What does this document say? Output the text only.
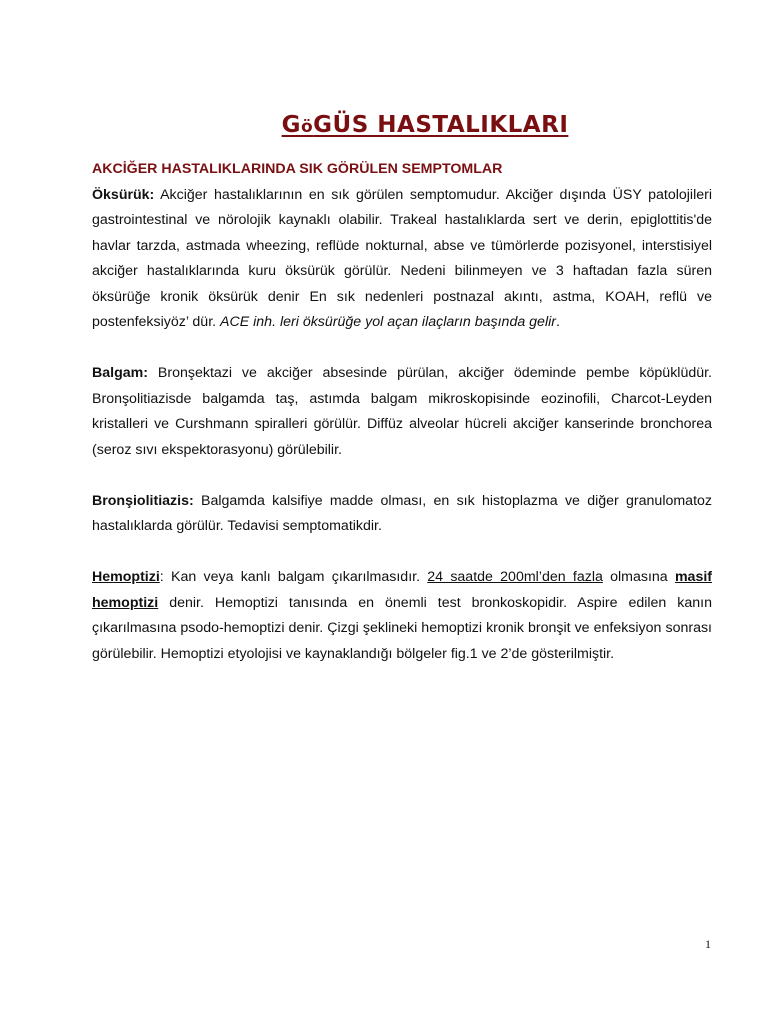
GöGÜS HASTALIKLARI
AKCİĞER HASTALIKLARINDA SIK GÖRÜLEN SEMPTOMLAR

Öksürük: Akciğer hastalıklarının en sık görülen semptomudur. Akciğer dışında ÜSY patolojileri gastrointestinal ve nörolojik kaynaklı olabilir. Trakeal hastalıklarda sert ve derin, epiglottitis'de havlar tarzda, astmada wheezing, reflüde nokturnal, abse ve tümörlerde pozisyonel, interstisiyel akciğer hastalıklarında kuru öksürük görülür. Nedeni bilinmeyen ve 3 haftadan fazla süren öksürüğe kronik öksürük denir En sık nedenleri postnazal akıntı, astma, KOAH, reflü ve postenfeksiyöz’ dür. ACE inh. leri öksürüğe yol açan ilaçların başında gelir.

Balgam: Bronşektazi ve akciğer absesinde pürülan, akciğer ödeminde pembe köpüklüdür. Bronşolitiazisde balgamda taş, astımda balgam mikroskopisinde eozinofili, Charcot-Leyden kristalleri ve Curshmann spiralleri görülür. Diffüz alveolar hücreli akciğer kanserinde bronchorea (seroz sıvı ekspektorasyonu) görülebilir.

Bronşiolitiazis: Balgamda kalsifiye madde olması, en sık histoplazma ve diğer granulomatoz hastalıklarda görülür. Tedavisi semptomatikdir.

Hemoptizi: Kan veya kanlı balgam çıkarılmasıdır. 24 saatde 200ml’den fazla olmasına masif hemoptizi denir. Hemoptizi tanısında en önemli test bronkoskopidir. Aspire edilen kanın çıkarılmasına psodo-hemoptizi denir. Çizgi şeklineki hemoptizi kronik bronşit ve enfeksiyon sonrası görülebilir. Hemoptizi etyolojisi ve kaynaklandığı bölgeler fig.1 ve 2’de gösterilmiştir.

1
